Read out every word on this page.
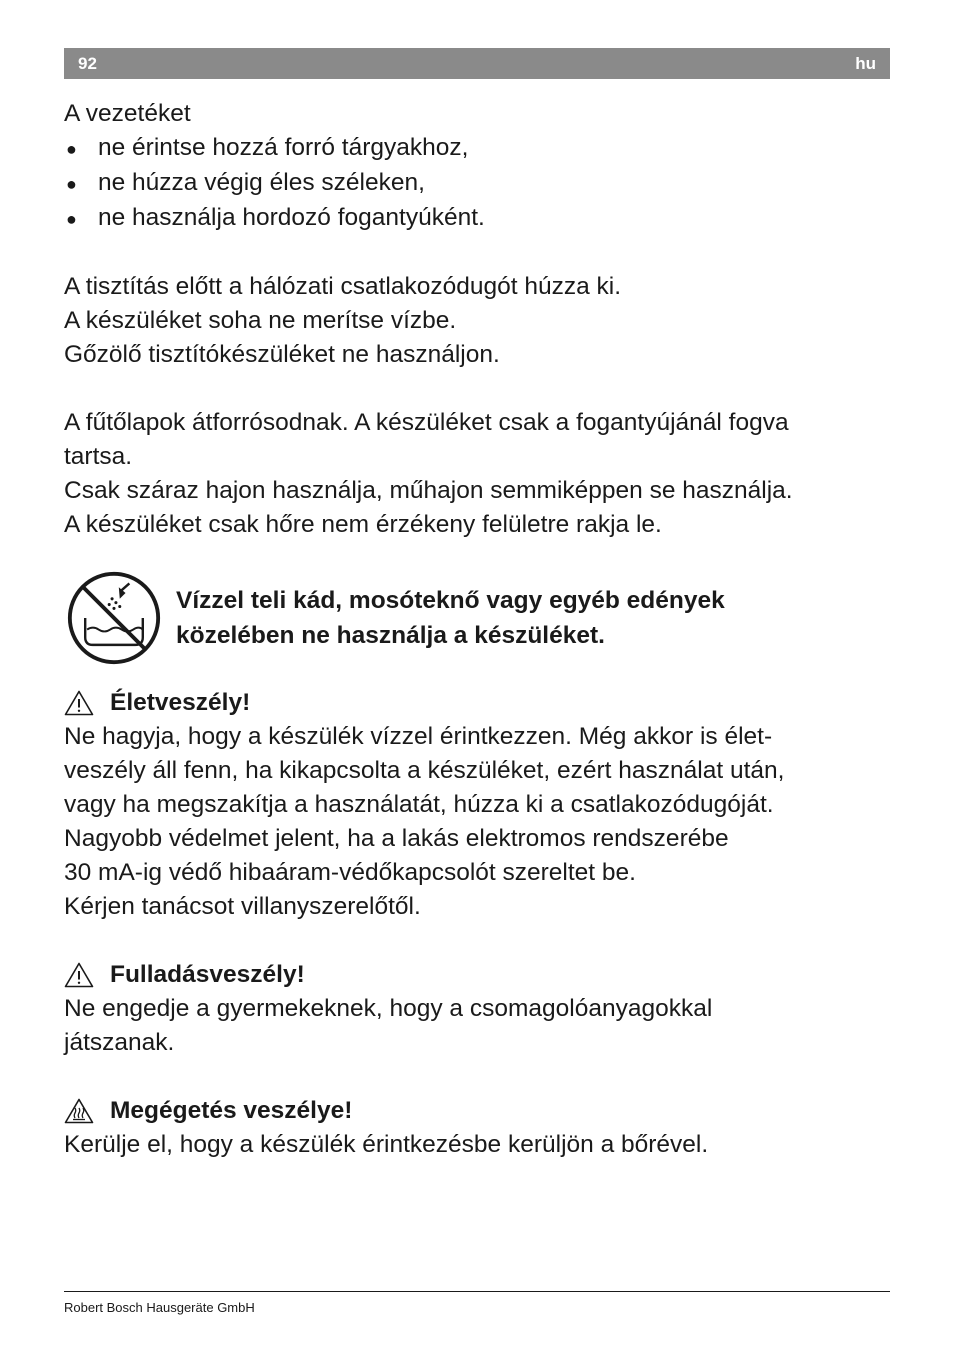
92	hu

A vezetéket

● ne érintse hozzá forró tárgyakhoz,
● ne húzza végig éles széleken,
● ne használja hordozó fogantyúként.

A tisztítás előtt a hálózati csatlakozódugót húzza ki.

A készüléket soha ne merítse vízbe.

Gőzölő tisztítókészüléket ne használjon.

A fűtőlapok átforrósodnak. A készüléket csak a fogantyújánál fogva

tartsa.

Csak száraz hajon használja, műhajon semmiképpen se használja.

A készüléket csak hőre nem érzékeny felületre rakja le.

Vízzel teli kád, mosóteknő vagy egyéb edények
közelében ne használja a készüléket.
Életveszély!

Ne hagyja, hogy a készülék vízzel érintkezzen. Még akkor is élet-

veszély áll fenn, ha kikapcsolta a készüléket, ezért használat után,

vagy ha megszakítja a használatát, húzza ki a csatlakozódugóját.

Nagyobb védelmet jelent, ha a lakás elektromos rendszerébe

30 mA-ig védő hibaáram-védőkapcsolót szereltet be.

Kérjen tanácsot villanyszerelőtől.

Fulladásveszély!

Ne engedje a gyermekeknek, hogy a csomagolóanyagokkal

játszanak.

Megégetés veszélye!

Kerülje el, hogy a készülék érintkezésbe kerüljön a bőrével.

Robert Bosch Hausgeräte GmbH
